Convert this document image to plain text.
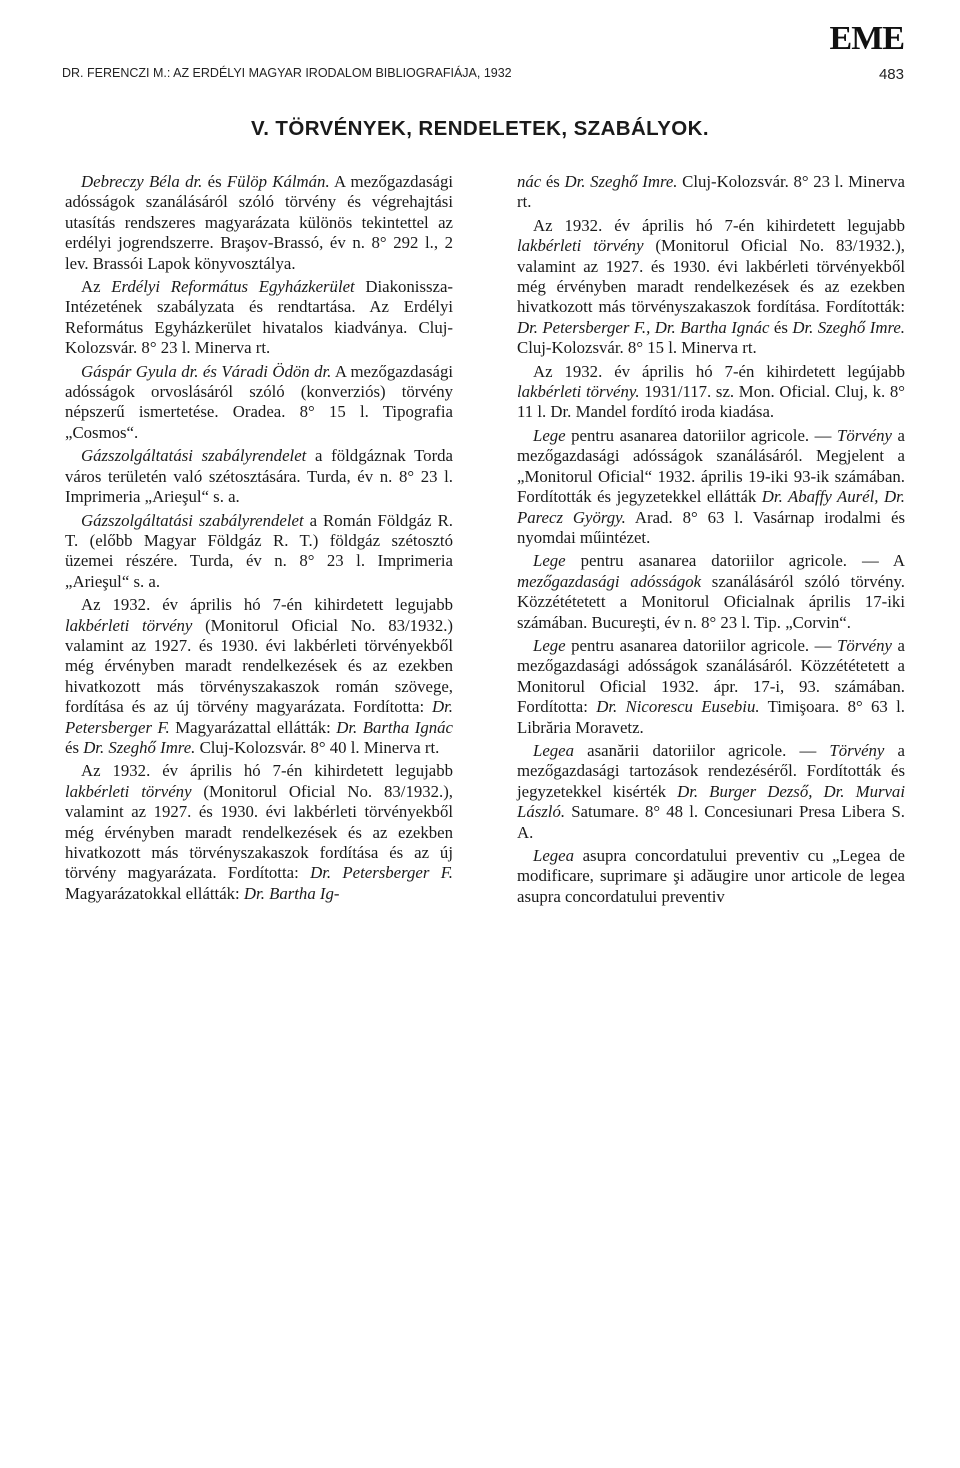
EME
DR. FERENCZI M.: AZ ERDÉLYI MAGYAR IRODALOM BIBLIOGRAFIÁJA, 1932	483
V. TÖRVÉNYEK, RENDELETEK, SZABÁLYOK.

Debreczy Béla dr. és Fülöp Kálmán. A mezőgazdasági adósságok szanálásáról szóló törvény és végrehajtási utasítás rendszeres magyarázata különös tekintettel az erdélyi jogrendszerre. Braşov-Brassó, év n. 8° 292 l., 2 lev. Brassói Lapok könyvosztálya.

Az Erdélyi Református Egyházkerület Diakonissza-Intézetének szabályzata és rendtartása. Az Erdélyi Református Egyházkerület hivatalos kiadványa. Cluj-Kolozsvár. 8° 23 l. Minerva rt.

Gáspár Gyula dr. és Váradi Ödön dr. A mezőgazdasági adósságok orvoslásáról szóló (konverziós) törvény népszerű ismertetése. Oradea. 8° 15 l. Tipografia „Cosmos“.

Gázszolgáltatási szabályrendelet a földgáznak Torda város területén való szétosztására. Turda, év n. 8° 23 l. Imprimeria „Arieşul“ s. a.

Gázszolgáltatási szabályrendelet a Román Földgáz R. T. (előbb Magyar Földgáz R. T.) földgáz szétosztó üzemei részére. Turda, év n. 8° 23 l. Imprimeria „Arieşul“ s. a.

Az 1932. év április hó 7-én kihirdetett legujabb lakbérleti törvény (Monitorul Oficial No. 83/1932.) valamint az 1927. és 1930. évi lakbérleti törvényekből még érvényben maradt rendelkezések és az ezekben hivatkozott más törvényszakaszok román szövege, fordítása és az új törvény magyarázata. Fordította: Dr. Petersberger F. Magyarázattal ellátták: Dr. Bartha Ignác és Dr. Szeghő Imre. Cluj-Kolozsvár. 8° 40 l. Minerva rt.

Az 1932. év április hó 7-én kihirdetett legujabb lakbérleti törvény (Monitorul Oficial No. 83/1932.), valamint az 1927. és 1930. évi lakbérleti törvényekből még érvényben maradt rendelkezések és az ezekben hivatkozott más törvényszakaszok fordítása és az új törvény magyarázata. Fordította: Dr. Petersberger F. Magyarázatokkal ellátták: Dr. Bartha Ig-

nác és Dr. Szeghő Imre. Cluj-Kolozsvár. 8° 23 l. Minerva rt.

Az 1932. év április hó 7-én kihirdetett legujabb lakbérleti törvény (Monitorul Oficial No. 83/1932.), valamint az 1927. és 1930. évi lakbérleti törvényekből még érvényben maradt rendelkezések és az ezekben hivatkozott más törvényszakaszok fordítása. Fordították: Dr. Petersberger F., Dr. Bartha Ignác és Dr. Szeghő Imre. Cluj-Kolozsvár. 8° 15 l. Minerva rt.

Az 1932. év április hó 7-én kihirdetett legújabb lakbérleti törvény. 1931/117. sz. Mon. Oficial. Cluj, k. 8° 11 l. Dr. Mandel fordító iroda kiadása.

Lege pentru asanarea datoriilor agricole. — Törvény a mezőgazdasági adósságok szanálásáról. Megjelent a „Monitorul Oficial“ 1932. április 19-iki 93-ik számában. Fordították és jegyzetekkel ellátták Dr. Abaffy Aurél, Dr. Parecz György. Arad. 8° 63 l. Vasárnap irodalmi és nyomdai műintézet.

Lege pentru asanarea datoriilor agricole. — A mezőgazdasági adósságok szanálásáról szóló törvény. Közzététetett a Monitorul Oficialnak április 17-iki számában. Bucureşti, év n. 8° 23 l. Tip. „Corvin“.

Lege pentru asanarea datoriilor agricole. — Törvény a mezőgazdasági adósságok szanálásáról. Közzététetett a Monitorul Oficial 1932. ápr. 17-i, 93. számában. Fordította: Dr. Nicorescu Eusebiu. Timişoara. 8° 63 l. Librăria Moravetz.

Legea asanării datoriilor agricole. — Törvény a mezőgazdasági tartozások rendezéséről. Fordították és jegyzetekkel kisérték Dr. Burger Dezső, Dr. Murvai László. Satumare. 8° 48 l. Concesiunari Presa Libera S. A.

Legea asupra concordatului preventiv cu „Legea de modificare, suprimare şi adăugire unor articole de legea asupra concordatului preventiv
